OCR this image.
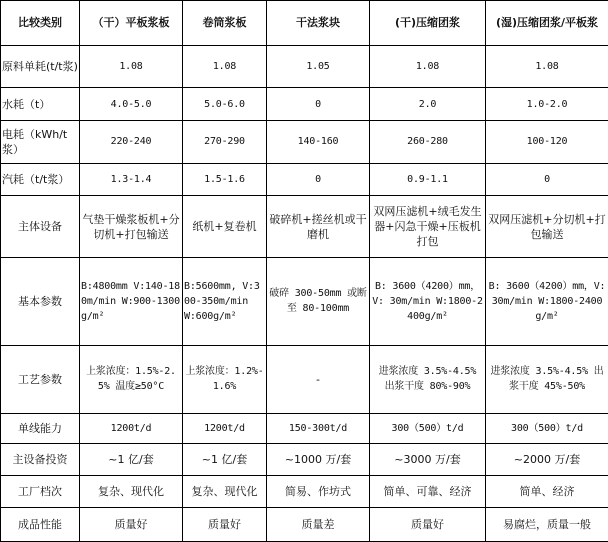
比较类别	（干）平板浆板	卷筒浆板	干法浆块	(干)压缩团浆	(湿)压缩团浆/平板浆
原料单耗(t/t浆)	1.08	1.08	1.05	1.08	1.08
水耗（t）	4.0-5.0	5.0-6.0	0	2.0	1.0-2.0
电耗（kWh/t浆）	220-240	270-290	140-160	260-280	100-120
汽耗（t/t浆）	1.3-1.4	1.5-1.6	0	0.9-1.1	0
主体设备	气垫干燥浆板机+分切机+打包输送	纸机+复卷机	破碎机+搓丝机或干磨机	双网压滤机+绒毛发生器+闪急干燥+压板机打包	双网压滤机+分切机+打包输送
基本参数	B:4800mm V:140-180m/min W:900-1300g/m²	B:5600mm, V:300-350m/min W:600g/m²	破碎 300-50mm 或断至 80-100mm	B: 3600（4200）mm，V: 30m/min W:1800-2400g/m²	B: 3600（4200）mm，V: 30m/min W:1800-2400g/m²
工艺参数	上浆浓度：1.5%-2.5% 温度≥50°C	上浆浓度：1.2%-1.6%	-	进浆浓度 3.5%-4.5% 出浆干度 80%-90%	进浆浓度 3.5%-4.5% 出浆干度 45%-50%
单线能力	1200t/d	1200t/d	150-300t/d	300（500）t/d	300（500）t/d
主设备投资	~1 亿/套	~1 亿/套	~1000 万/套	~3000 万/套	~2000 万/套
工厂档次	复杂、现代化	复杂、现代化	简易、作坊式	简单、可靠、经济	简单、经济
成品性能	质量好	质量好	质量差	质量好	易腐烂，质量一般
